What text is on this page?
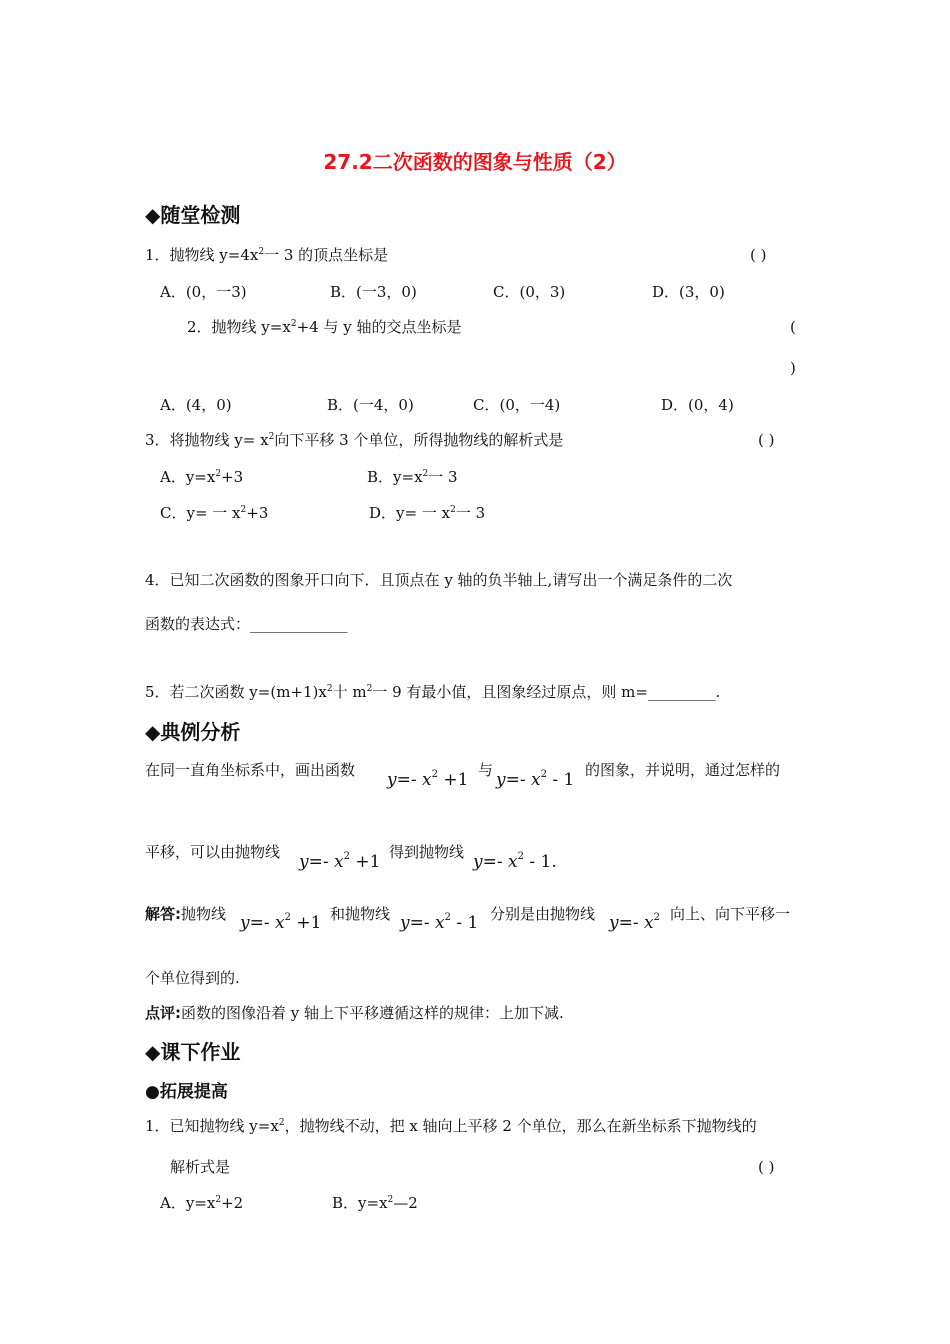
27.2二次函数的图象与性质（2）
◆随堂检测
1．抛物线 $y=4x^2$一 3 的顶点坐标是	( )
A．(0，一3)	B．(一3，0)	C．(0，3)	D．(3，0)
2．抛物线 $y=x^2+4$ 与 y 轴的交点坐标是	(
)
A．(4，0)	B．(一4，0)	C．(0，一4)	D．(0，4)
3．将抛物线 $y= x^2$向下平移 3 个单位，所得抛物线的解析式是	( )
A．$y=x^2+3$	B．$y=x^2$一 3
C．y= 一 $x^2+3$	D．y= 一 $x^2$一 3
4．已知二次函数的图象开口向下．且顶点在 y 轴的负半轴上,请写出一个满足条件的二次
函数的表达式：_____________
5．若二次函数 $y=(m+1)x^2$十 $m^2$一 9 有最小值，且图象经过原点，则 m=_________.
◆典例分析
在同一直角坐标系中，画出函数 y=- $x^2 +1$ 与 y=- $x^2 - 1$ 的图象，并说明，通过怎样的
平移，可以由抛物线 y=- $x^2 +1$ 得到抛物线 y=- $x^2 - 1$.
解答:抛物线 y=- $x^2 +1$ 和抛物线 y=- $x^2 - 1$ 分别是由抛物线 y=- $x^2$ 向上、向下平移一
个单位得到的.
点评:函数的图像沿着 y 轴上下平移遵循这样的规律：上加下减.
◆课下作业
●拓展提高
1．已知抛物线 $y=x^2$，抛物线不动，把 x 轴向上平移 2 个单位，那么在新坐标系下抛物线的
解析式是	( )
A．$y=x^2+2$	B．$y=x^2—2$
